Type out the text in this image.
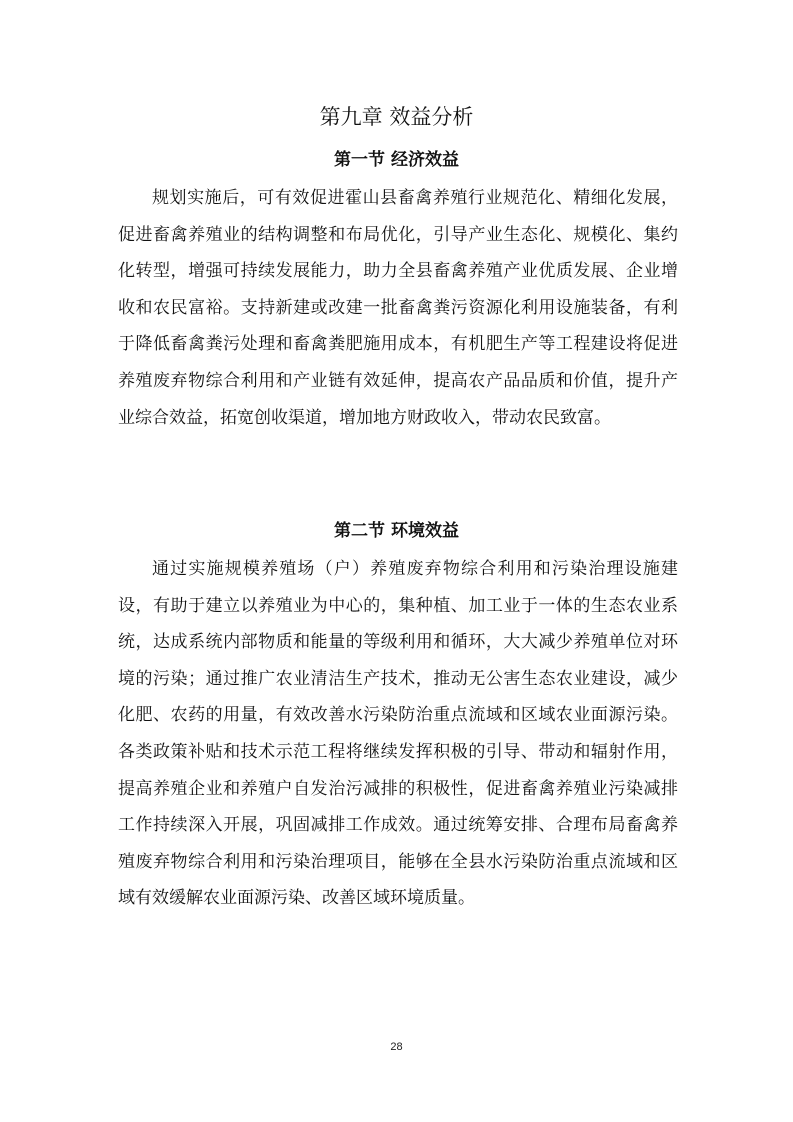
第九章 效益分析
第一节 经济效益

规划实施后，可有效促进霍山县畜禽养殖行业规范化、精细化发展，促进畜禽养殖业的结构调整和布局优化，引导产业生态化、规模化、集约化转型，增强可持续发展能力，助力全县畜禽养殖产业优质发展、企业增收和农民富裕。支持新建或改建一批畜禽粪污资源化利用设施装备，有利于降低畜禽粪污处理和畜禽粪肥施用成本，有机肥生产等工程建设将促进养殖废弃物综合利用和产业链有效延伸，提高农产品品质和价值，提升产业综合效益，拓宽创收渠道，增加地方财政收入，带动农民致富。

第二节 环境效益

通过实施规模养殖场（户）养殖废弃物综合利用和污染治理设施建设，有助于建立以养殖业为中心的，集种植、加工业于一体的生态农业系统，达成系统内部物质和能量的等级利用和循环，大大减少养殖单位对环境的污染；通过推广农业清洁生产技术，推动无公害生态农业建设，减少化肥、农药的用量，有效改善水污染防治重点流域和区域农业面源污染。各类政策补贴和技术示范工程将继续发挥积极的引导、带动和辐射作用，提高养殖企业和养殖户自发治污减排的积极性，促进畜禽养殖业污染减排工作持续深入开展，巩固减排工作成效。通过统筹安排、合理布局畜禽养殖废弃物综合利用和污染治理项目，能够在全县水污染防治重点流域和区域有效缓解农业面源污染、改善区域环境质量。

28
